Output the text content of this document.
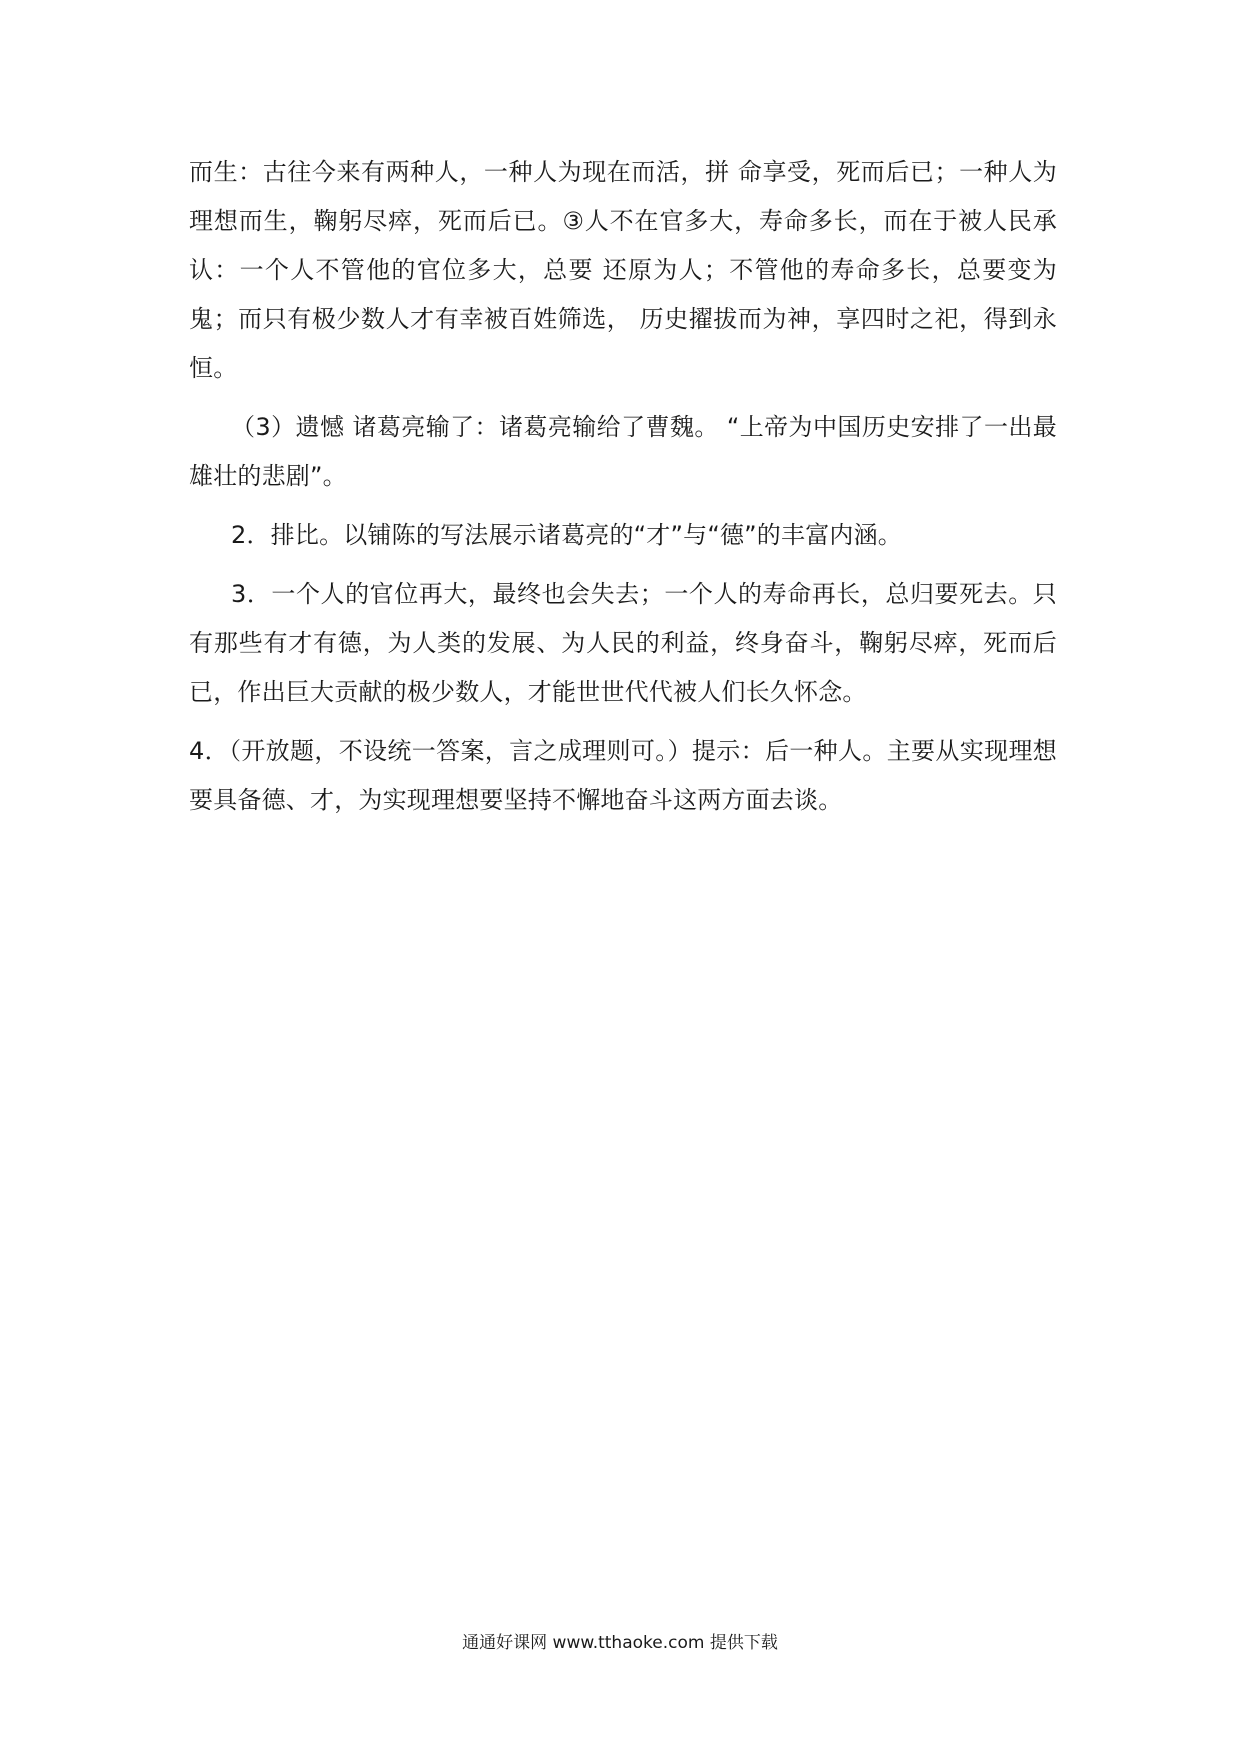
而生：古往今来有两种人，一种人为现在而活，拼 命享受，死而后已；一种人为理想而生，鞠躬尽瘁，死而后已。③人不在官多大，寿命多长，而在于被人民承认：一个人不管他的官位多大，总要 还原为人；不管他的寿命多长，总要变为鬼；而只有极少数人才有幸被百姓筛选， 历史擢拔而为神，享四时之祀，得到永恒。

（3）遗憾 诸葛亮输了：诸葛亮输给了曹魏。 “上帝为中国历史安排了一出最雄壮的悲剧”。

2．排比。以铺陈的写法展示诸葛亮的“才”与“德”的丰富内涵。

3．一个人的官位再大，最终也会失去；一个人的寿命再长，总归要死去。只有那些有才有德，为人类的发展、为人民的利益，终身奋斗，鞠躬尽瘁，死而后已，作出巨大贡献的极少数人，才能世世代代被人们长久怀念。

4．（开放题，不设统一答案，言之成理则可。）提示：后一种人。主要从实现理想要具备德、才，为实现理想要坚持不懈地奋斗这两方面去谈。

通通好课网 www.tthaoke.com 提供下载
